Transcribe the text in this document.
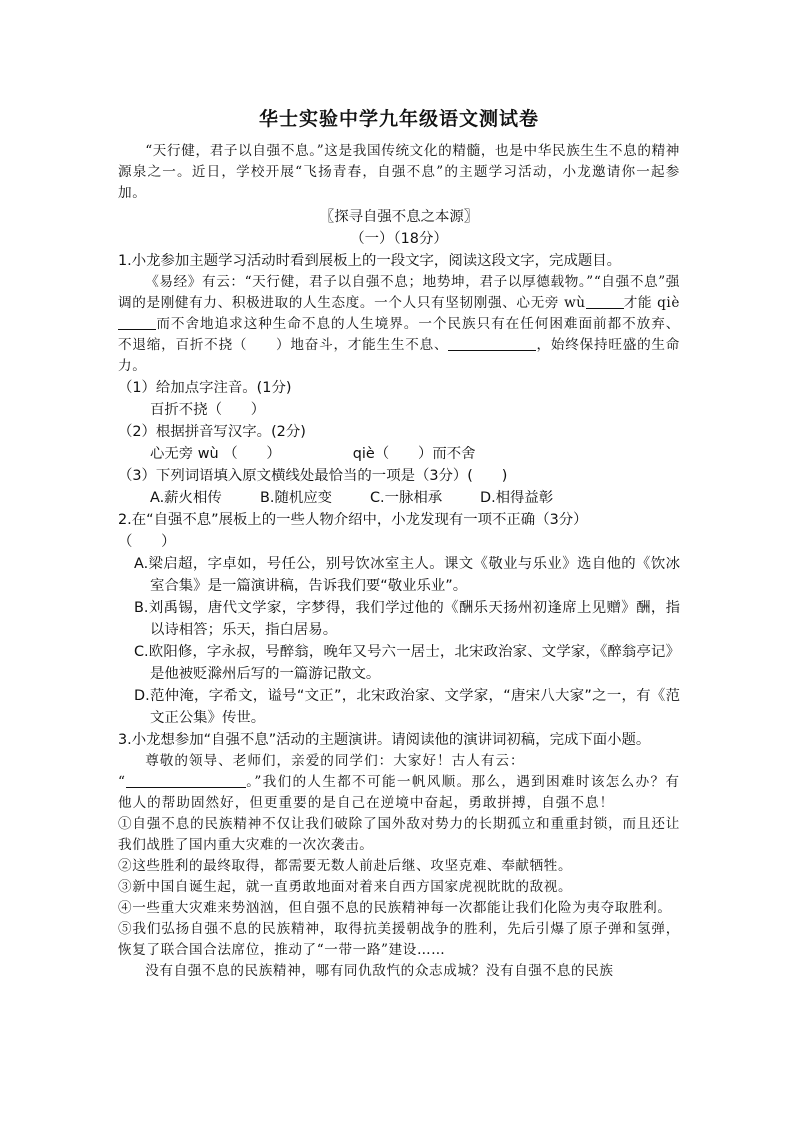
华士实验中学九年级语文测试卷

“天行健，君子以自强不息。”这是我国传统文化的精髓，也是中华民族生生不息的精神源泉之一。近日，学校开展“飞扬青春，自强不息”的主题学习活动，小龙邀请你一起参加。

〖探寻自强不息之本源〗

（一）（18分）

1.小龙参加主题学习活动时看到展板上的一段文字，阅读这段文字，完成题目。

《易经》有云：“天行健，君子以自强不息；地势坤，君子以厚德载物。”“自强不息”强调的是刚健有力、积极进取的人生态度。一个人只有坚韧刚强、心无旁 wù	才能 qiè而不舍地追求这种生命不息的人生境界。一个民族只有在任何困难面前都不放弃、不退缩，百折不挠（　　）地奋斗，才能生生不息、	，始终保持旺盛的生命力。

（1）给加点字注音。(1分)

百折不挠（　　）

（2）根据拼音写汉字。(2分)

心无旁 wù （　　）	qiè（　　）而不舍

（3）下列词语填入原文横线处最恰当的一项是（3分）(　　)

A.薪火相传	B.随机应变	C.一脉相承	D.相得益彰

2.在“自强不息”展板上的一些人物介绍中，小龙发现有一项不正确（3分）

（　　）

A.梁启超，字卓如，号任公，别号饮冰室主人。课文《敬业与乐业》选自他的《饮冰室合集》是一篇演讲稿，告诉我们要“敬业乐业”。

B.刘禹锡，唐代文学家，字梦得，我们学过他的《酬乐天扬州初逢席上见赠》酬，指以诗相答；乐天，指白居易。

C.欧阳修，字永叔，号醉翁，晚年又号六一居士，北宋政治家、文学家，《醉翁亭记》是他被贬滁州后写的一篇游记散文。

D.范仲淹，字希文，谥号“文正”，北宋政治家、文学家，“唐宋八大家”之一，有《范文正公集》传世。

3.小龙想参加“自强不息”活动的主题演讲。请阅读他的演讲词初稿，完成下面小题。

尊敬的领导、老师们，亲爱的同学们：大家好！古人有云：
“	。”我们的人生都不可能一帆风顺。那么，遇到困难时该怎么办？有他人的帮助固然好，但更重要的是自己在逆境中奋起，勇敢拼搏，自强不息！

①自强不息的民族精神不仅让我们破除了国外敌对势力的长期孤立和重重封锁，而且还让我们战胜了国内重大灾难的一次次袭击。

②这些胜利的最终取得，都需要无数人前赴后继、攻坚克难、奉献牺牲。

③新中国自诞生起，就一直勇敢地面对着来自西方国家虎视眈眈的敌视。

④一些重大灾难来势汹汹，但自强不息的民族精神每一次都能让我们化险为夷夺取胜利。

⑤我们弘扬自强不息的民族精神，取得抗美援朝战争的胜利，先后引爆了原子弹和氢弹，恢复了联合国合法席位，推动了“一带一路”建设……

没有自强不息的民族精神，哪有同仇敌忾的众志成城？没有自强不息的民族
